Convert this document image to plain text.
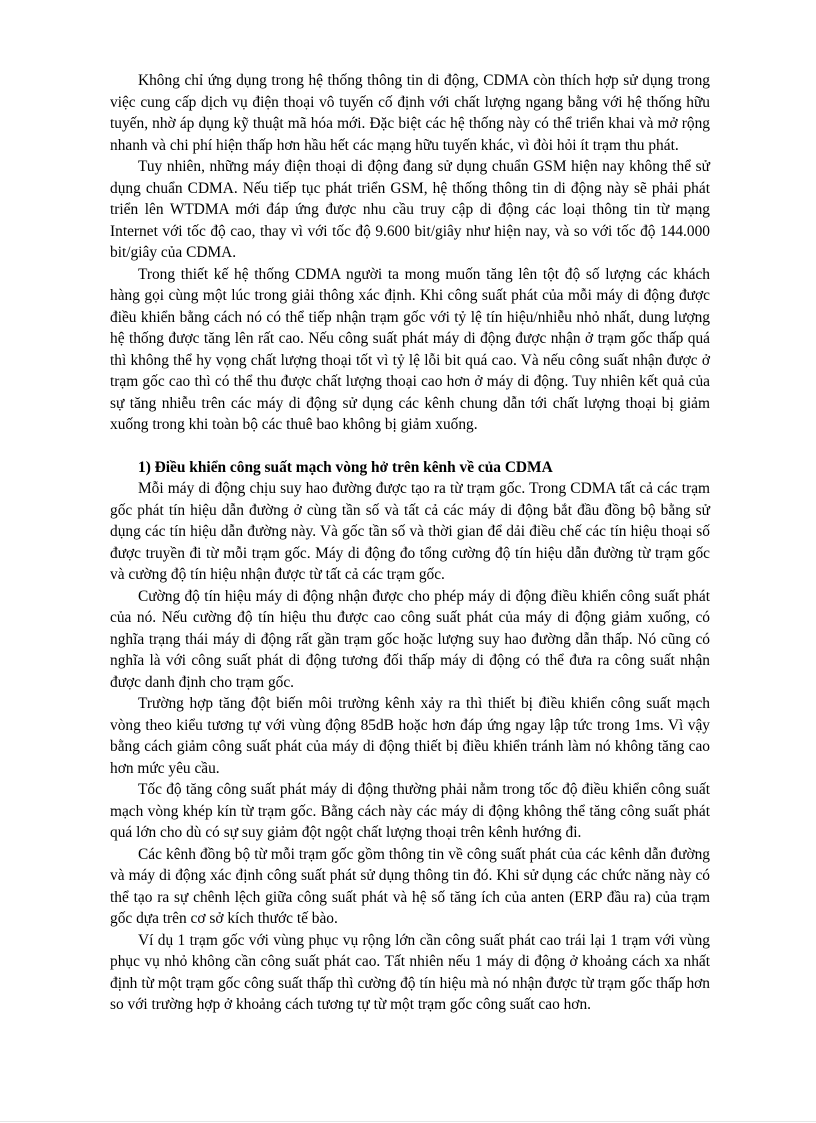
Không chỉ ứng dụng trong hệ thống thông tin di động, CDMA còn thích hợp sử dụng trong việc cung cấp dịch vụ điện thoại vô tuyến cố định với chất lượng ngang bằng với hệ thống hữu tuyến, nhờ áp dụng kỹ thuật mã hóa mới. Đặc biệt các hệ thống này có thể triển khai và mở rộng nhanh và chi phí hiện thấp hơn hầu hết các mạng hữu tuyến khác, vì đòi hỏi ít trạm thu phát.

Tuy nhiên, những máy điện thoại di động đang sử dụng chuẩn GSM hiện nay không thể sử dụng chuẩn CDMA. Nếu tiếp tục phát triển GSM, hệ thống thông tin di động này sẽ phải phát triển lên WTDMA mới đáp ứng được nhu cầu truy cập di động các loại thông tin từ mạng Internet với tốc độ cao, thay vì với tốc độ 9.600 bit/giây như hiện nay, và so với tốc độ 144.000 bit/giây của CDMA.

Trong thiết kế hệ thống CDMA người ta mong muốn tăng lên tột độ số lượng các khách hàng gọi cùng một lúc trong giải thông xác định. Khi công suất phát của mỗi máy di động được điều khiển bằng cách nó có thể tiếp nhận trạm gốc với tỷ lệ tín hiệu/nhiễu nhỏ nhất, dung lượng hệ thống được tăng lên rất cao. Nếu công suất phát máy di động được nhận ở trạm gốc thấp quá thì không thể hy vọng chất lượng thoại tốt vì tỷ lệ lỗi bit quá cao. Và nếu công suất nhận được ở trạm gốc cao thì có thể thu được chất lượng thoại cao hơn ở máy di động. Tuy nhiên kết quả của sự tăng nhiễu trên các máy di động sử dụng các kênh chung dẫn tới chất lượng thoại bị giảm xuống trong khi toàn bộ các thuê bao không bị giảm xuống.

1) Điều khiển công suất mạch vòng hở trên kênh về của CDMA

Mỗi máy di động chịu suy hao đường được tạo ra từ trạm gốc. Trong CDMA tất cả các trạm gốc phát tín hiệu dẫn đường ở cùng tần số và tất cả các máy di động bắt đầu đồng bộ bằng sử dụng các tín hiệu dẫn đường này. Và gốc tần số và thời gian để dải điều chế các tín hiệu thoại số được truyền đi từ mỗi trạm gốc. Máy di động đo tổng cường độ tín hiệu dẫn đường từ trạm gốc và cường độ tín hiệu nhận được từ tất cả các trạm gốc.

Cường độ tín hiệu máy di động nhận được cho phép máy di động điều khiển công suất phát của nó. Nếu cường độ tín hiệu thu được cao công suất phát của máy di động giảm xuống, có nghĩa trạng thái máy di động rất gần trạm gốc hoặc lượng suy hao đường dẫn thấp. Nó cũng có nghĩa là với công suất phát di động tương đối thấp máy di động có thể đưa ra công suất nhận được danh định cho trạm gốc.

Trường hợp tăng đột biến môi trường kênh xảy ra thì thiết bị điều khiển công suất mạch vòng theo kiểu tương tự với vùng động 85dB hoặc hơn đáp ứng ngay lập tức trong 1ms. Vì vậy bằng cách giảm công suất phát của máy di động thiết bị điều khiển tránh làm nó không tăng cao hơn mức yêu cầu.

Tốc độ tăng công suất phát máy di động thường phải nằm trong tốc độ điều khiển công suất mạch vòng khép kín từ trạm gốc. Bằng cách này các máy di động không thể tăng công suất phát quá lớn cho dù có sự suy giảm đột ngột chất lượng thoại trên kênh hướng đi.

Các kênh đồng bộ từ mỗi trạm gốc gồm thông tin về công suất phát của các kênh dẫn đường và máy di động xác định công suất phát sử dụng thông tin đó. Khi sử dụng các chức năng này có thể tạo ra sự chênh lệch giữa công suất phát và hệ số tăng ích của anten (ERP đầu ra) của trạm gốc dựa trên cơ sở kích thước tế bào.

Ví dụ 1 trạm gốc với vùng phục vụ rộng lớn cần công suất phát cao trái lại 1 trạm với vùng phục vụ nhỏ không cần công suất phát cao. Tất nhiên nếu 1 máy di động ở khoảng cách xa nhất định từ một trạm gốc công suất thấp thì cường độ tín hiệu mà nó nhận được từ trạm gốc thấp hơn so với trường hợp ở khoảng cách tương tự từ một trạm gốc công suất cao hơn.
